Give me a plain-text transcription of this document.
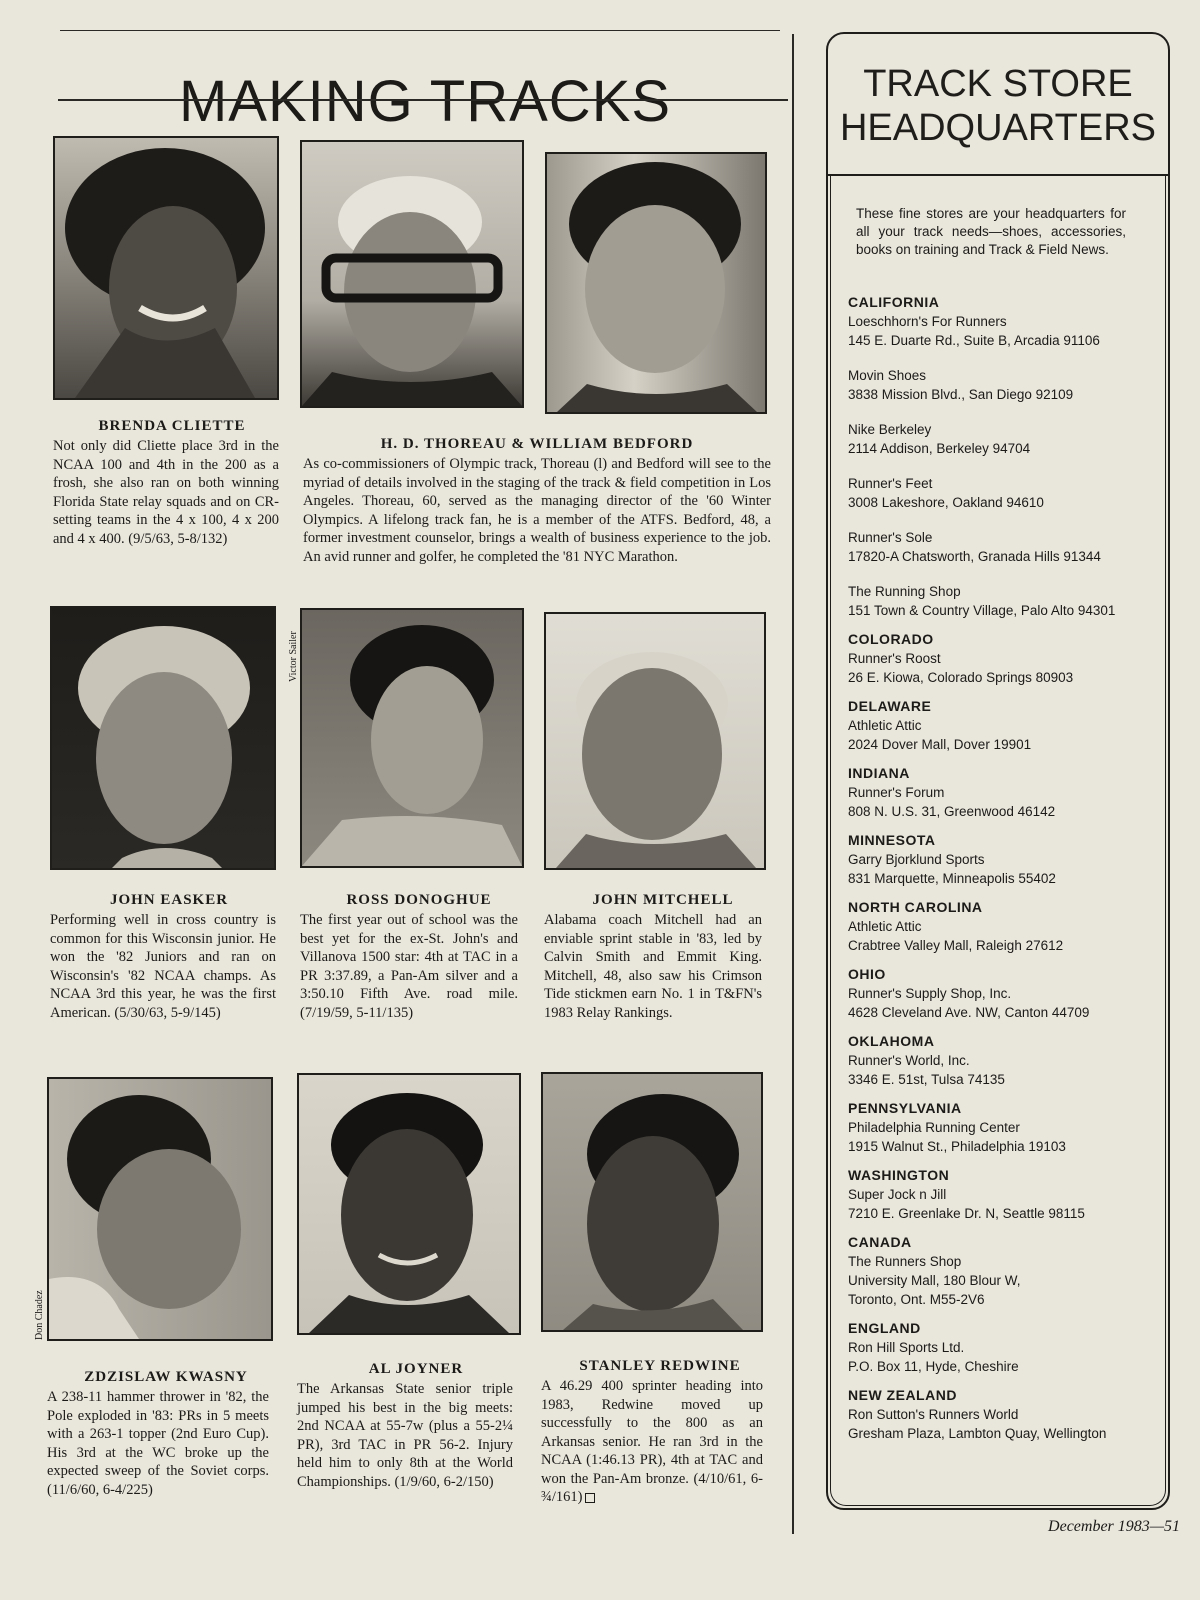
MAKING TRACKS
BRENDA CLIETTE

Not only did Cliette place 3rd in the NCAA 100 and 4th in the 200 as a frosh, she also ran on both winning Florida State relay squads and on CR-setting teams in the 4 x 100, 4 x 200 and 4 x 400. (9/5/63, 5-8/132)

H. D. THOREAU & WILLIAM BEDFORD

As co-commissioners of Olympic track, Thoreau (l) and Bedford will see to the myriad of details involved in the staging of the track & field competition in Los Angeles. Thoreau, 60, served as the managing director of the '60 Winter Olympics. A lifelong track fan, he is a member of the ATFS. Bedford, 48, a former investment counselor, brings a wealth of business experience to the job. An avid runner and golfer, he completed the '81 NYC Marathon.

JOHN EASKER

Performing well in cross country is common for this Wisconsin junior. He won the '82 Juniors and ran on Wisconsin's '82 NCAA champs. As NCAA 3rd this year, he was the first American. (5/30/63, 5-9/145)

Victor Sailer
ROSS DONOGHUE

The first year out of school was the best yet for the ex-St. John's and Villanova 1500 star: 4th at TAC in a PR 3:37.89, a Pan-Am silver and a 3:50.10 Fifth Ave. road mile. (7/19/59, 5-11/135)

JOHN MITCHELL

Alabama coach Mitchell had an enviable sprint stable in '83, led by Calvin Smith and Emmit King. Mitchell, 48, also saw his Crimson Tide stickmen earn No. 1 in T&FN's 1983 Relay Rankings.

Don Chadez
ZDZISLAW KWASNY

A 238-11 hammer thrower in '82, the Pole exploded in '83: PRs in 5 meets with a 263-1 topper (2nd Euro Cup). His 3rd at the WC broke up the expected sweep of the Soviet corps. (11/6/60, 6-4/225)

AL JOYNER

The Arkansas State senior triple jumped his best in the big meets: 2nd NCAA at 55-7w (plus a 55-2¼ PR), 3rd TAC in PR 56-2. Injury held him to only 8th at the World Championships. (1/9/60, 6-2/150)

STANLEY REDWINE

A 46.29 400 sprinter heading into 1983, Redwine moved up successfully to the 800 as an Arkansas senior. He ran 3rd in the NCAA (1:46.13 PR), 4th at TAC and won the Pan-Am bronze. (4/10/61, 6-¾/161)

TRACK STORE
HEADQUARTERS
These fine stores are your headquarters for all your track needs—shoes, accessories, books on training and Track & Field News.
CALIFORNIA
Loeschhorn's For Runners
145 E. Duarte Rd., Suite B, Arcadia 91106
Movin Shoes
3838 Mission Blvd., San Diego 92109
Nike Berkeley
2114 Addison, Berkeley 94704
Runner's Feet
3008 Lakeshore, Oakland 94610
Runner's Sole
17820-A Chatsworth, Granada Hills 91344
The Running Shop
151 Town & Country Village, Palo Alto 94301
COLORADO
Runner's Roost
26 E. Kiowa, Colorado Springs 80903
DELAWARE
Athletic Attic
2024 Dover Mall, Dover 19901
INDIANA
Runner's Forum
808 N. U.S. 31, Greenwood 46142
MINNESOTA
Garry Bjorklund Sports
831 Marquette, Minneapolis 55402
NORTH CAROLINA
Athletic Attic
Crabtree Valley Mall, Raleigh 27612
OHIO
Runner's Supply Shop, Inc.
4628 Cleveland Ave. NW, Canton 44709
OKLAHOMA
Runner's World, Inc.
3346 E. 51st, Tulsa 74135
PENNSYLVANIA
Philadelphia Running Center
1915 Walnut St., Philadelphia 19103
WASHINGTON
Super Jock n Jill
7210 E. Greenlake Dr. N, Seattle 98115
CANADA
The Runners Shop
University Mall, 180 Blour W,
Toronto, Ont. M55-2V6
ENGLAND
Ron Hill Sports Ltd.
P.O. Box 11, Hyde, Cheshire
NEW ZEALAND
Ron Sutton's Runners World
Gresham Plaza, Lambton Quay, Wellington
December 1983—51
